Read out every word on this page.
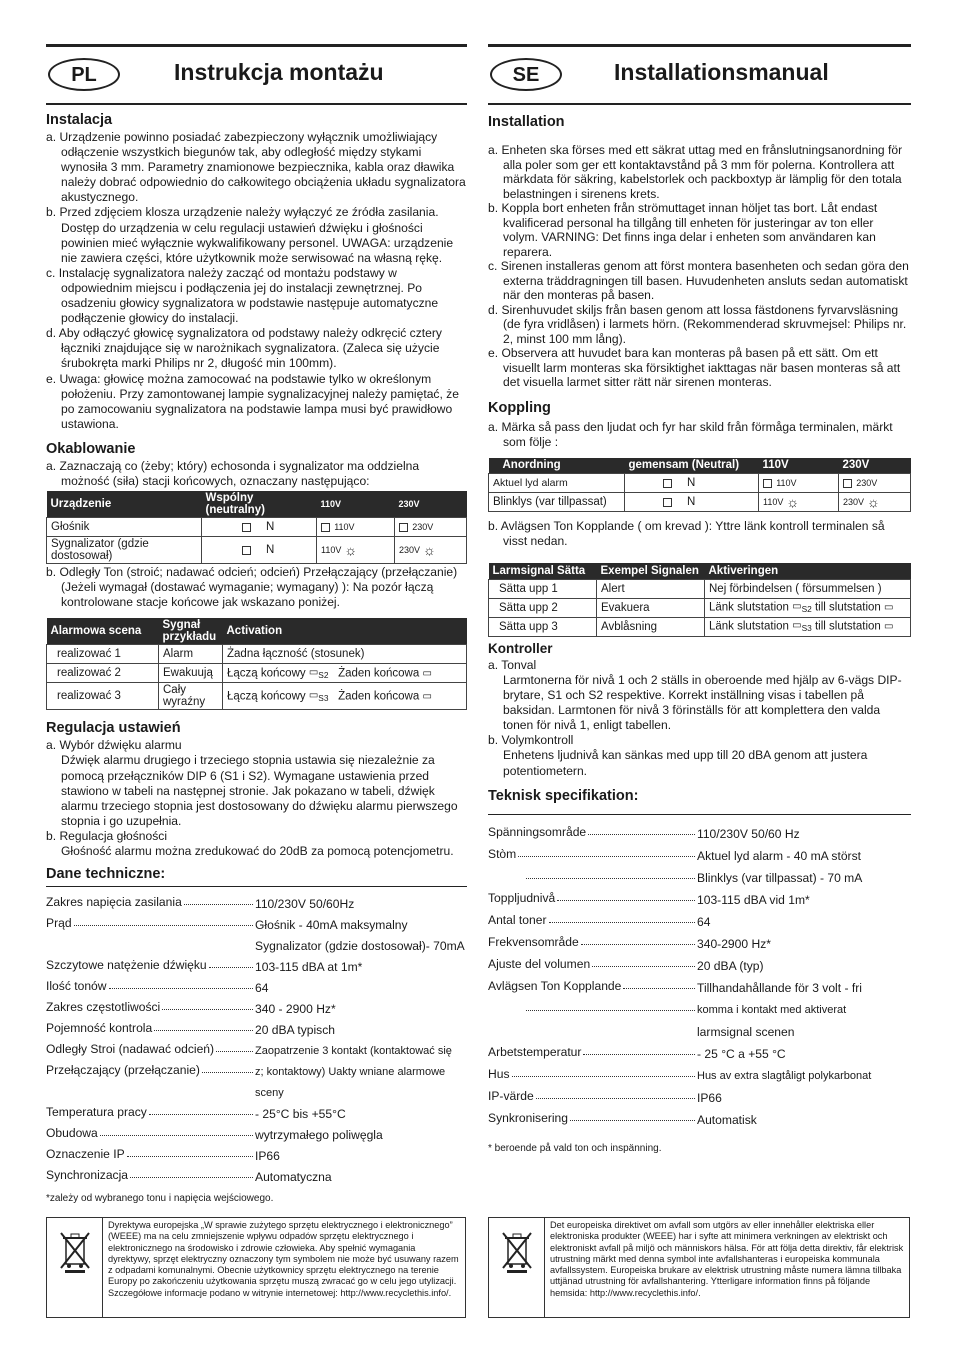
PL	Instrukcja montażu
Instalacja
a. Urządzenie powinno posiadać zabezpieczony wyłącznik umożliwiający odłączenie wszystkich biegunów tak, aby odległość między stykami wynosiła 3 mm. Parametry znamionowe bezpiecznika, kabla oraz dławika należy dobrać odpowiednio do całkowitego obciążenia układu sygnalizatora akustycznego.
b. Przed zdjęciem klosza urządzenie należy wyłączyć ze źródła zasilania. Dostęp do urządzenia w celu regulacji ustawień dźwięku i głośności powinien mieć wyłącznie wykwalifikowany personel. UWAGA: urządzenie nie zawiera części, które użytkownik może serwisować na własną rękę.
c. Instalację sygnalizatora należy zacząć od montażu podstawy w odpowiednim miejscu i podłączenia jej do instalacji zewnętrznej. Po osadzeniu głowicy sygnalizatora w podstawie następuje automatyczne podłączenie głowicy do instalacji.
d. Aby odłączyć głowicę sygnalizatora od podstawy należy odkręcić cztery łączniki znajdujące się w narożnikach sygnalizatora. (Zaleca się użycie śrubokręta marki Philips nr 2, długość min 100mm).
e. Uwaga: głowicę można zamocować na podstawie tylko w określonym położeniu. Przy zamontowanej lampie sygnalizacyjnej należy pamiętać, że po zamocowaniu sygnalizatora na podstawie lampa musi być prawidłowo ustawiona.
Okablowanie
a. Zaznaczają co (żeby; który) echosonda i sygnalizator ma oddzielna możność (siła) stacji końcowych, oznaczany następująco:
Urządzenie	Wspólny (neutralny)	110V	230V
Głośnik	N	110V	230V
Sygnalizator (gdzie dostosował)	N	110V ☼	230V ☼
b. Odległy Ton (stroić; nadawać odcień; odcień) Przełączający (przełączanie) (Jeżeli wymagał (dostawać wymaganie; wymagany) ): Na pozór łączą kontrolowane stacje końcowe jak wskazano poniżej.
Alarmowa scena	Sygnał przykładu	Activation
realizować 1	Alarm	Żadna łączność (stosunek)
realizować 2	Ewakuują	Łączą końcowy $▭_{S2}$ Żaden końcowa ▭
realizować 3	Cały wyraźny	Łączą końcowy $▭_{S3}$ Żaden końcowa ▭
Regulacja ustawień
a. Wybór dźwięku alarmu
Dźwięk alarmu drugiego i trzeciego stopnia ustawia się niezależnie za pomocą przełączników DIP 6 (S1 i S2). Wymagane ustawienia przed stawiono w tabeli na następnej stronie. Jak pokazano w tabeli, dźwięk alarmu trzeciego stopnia jest dostosowany do dźwięku alarmu pierwszego stopnia i go uzupełnia.
b. Regulacja głośności
Głośność alarmu można zredukować do 20dB za pomocą potencjometru.
Dane techniczne:
Zakres napięcia zasilania	110/230V 50/60Hz
Prąd	Głośnik - 40mA maksymalny
Sygnalizator (gdzie dostosował)- 70mA
Szczytowe natężenie dźwięku	103-115 dBA at 1m*
Ilość tonów	64
Zakres częstotliwości	340 - 2900 Hz*
Pojemność kontrola	20 dBA typisch
Odległy Stroi (nadawać odcień)	Zaopatrzenie 3 kontakt (kontaktować się
Przełączający (przełączanie)	z; kontaktowy) Uakty wniane alarmowe
sceny
Temperatura pracy	- 25°C bis +55°C
Obudowa	wytrzymałego poliwęgla
Oznaczenie IP	IP66
Synchronizacja	Automatyczna
*zależy od wybranego tonu i napięcia wejściowego.
Dyrektywa europejska „W sprawie zużytego sprzętu elektrycznego i elektronicznego” (WEEE) ma na celu zmniejszenie wpływu odpadów sprzętu elektrycznego i elektronicznego na środowisko i zdrowie człowieka. Aby spełnić wymagania dyrektywy, sprzęt elektryczny oznaczony tym symbolem nie może być usuwany razem z odpadami komunalnymi. Obecnie użytkownicy sprzętu elektrycznego na terenie Europy po zakończeniu użytkowania sprzętu muszą zwracać go w celu jego utylizacji. Szczegółowe informacje podano w witrynie internetowej: http://www.recyclethis.info/.
SE	Installationsmanual
Installation
a. Enheten ska förses med ett säkrat uttag med en frånslutningsanordning för alla poler som ger ett kontaktavstånd på 3 mm för polerna. Kontrollera att märkdata för säkring, kabelstorlek och packboxtyp är lämplig för den totala belastningen i sirenens krets.
b. Koppla bort enheten från strömuttaget innan höljet tas bort. Låt endast kvalificerad personal ha tillgång till enheten för justeringar av ton eller volym. VARNING: Det finns inga delar i enheten som användaren kan reparera.
c. Sirenen installeras genom att först montera basenheten och sedan göra den externa träddragningen till basen. Huvudenheten ansluts sedan automatiskt när den monteras på basen.
d. Sirenhuvudet skiljs från basen genom att lossa fästdonens fyrvarvsläsning (de fyra vridlåsen) i larmets hörn. (Rekommenderad skruvmejsel: Philips nr. 2, minst 100 mm lång).
e. Observera att huvudet bara kan monteras på basen på ett sätt. Om ett visuellt larm monteras ska försiktighet iakttagas när basen monteras så att det visuella larmet sitter rätt när sirenen monteras.
Koppling
a. Märka så pass den ljudat och fyr har skild från förmåga terminalen, märkt som följe :
Anordning	gemensam (Neutral)	110V	230V
Aktuel lyd alarm	N	110V	230V
Blinklys (var tillpassat)	N	110V ☼	230V ☼
b. Avlägsen Ton Kopplande ( om krevad ): Yttre länk kontroll terminalen så visst nedan.
Larmsignal Sätta	Exempel Signalen	Aktiveringen
Sätta upp 1	Alert	Nej förbindelsen ( försummelsen )
Sätta upp 2	Evakuera	Länk slutstation $▭_{S2}$ till slutstation ▭
Sätta upp 3	Avblåsning	Länk slutstation $▭_{S3}$ till slutstation ▭
Kontroller
a. Tonval
Larmtonerna för nivå 1 och 2 ställs in oberoende med hjälp av 6-vägs DIP-brytare, S1 och S2 respektive. Korrekt inställning visas i tabellen på baksidan. Larmtonen för nivå 3 förinställs för att komplettera den valda tonen för nivå 1, enligt tabellen.
b. Volymkontroll
Enhetens ljudnivå kan sänkas med upp till 20 dBA genom att justera potentiometern.
Teknisk specifikation:
Spänningsområde	110/230V 50/60 Hz
Stòm	Aktuel lyd alarm - 40 mA störst
Blinklys (var tillpassat) - 70 mA
Toppljudnivå	103-115 dBA vid 1m*
Antal toner	64
Frekvensområde	340-2900 Hz*
Ajuste del volumen	20 dBA (typ)
Avlägsen Ton Kopplande	Tillhandahållande för 3 volt - fri
komma i kontakt med aktiverat
larmsignal scenen
Arbetstemperatur	- 25 °C a +55 °C
Hus	Hus av extra slagtåligt polykarbonat
IP-värde	IP66
Synkronisering	Automatisk
* beroende på vald ton och inspänning.
Det europeiska direktivet om avfall som utgörs av eller innehåller elektriska eller elektroniska produkter (WEEE) har i syfte att minimera verkningen av elektriskt och elektroniskt avfall på miljö och människors hälsa. För att följa detta direktiv, får elektrisk utrustning märkt med denna symbol inte avfallshanteras i europeiska kommunala avfallssystem. Europeiska brukare av elektrisk utrustning måste numera lämna tillbaka uttjänad utrustning för avfallshantering. Ytterligare information finns på följande hemsida: http://www.recyclethis.info/.
